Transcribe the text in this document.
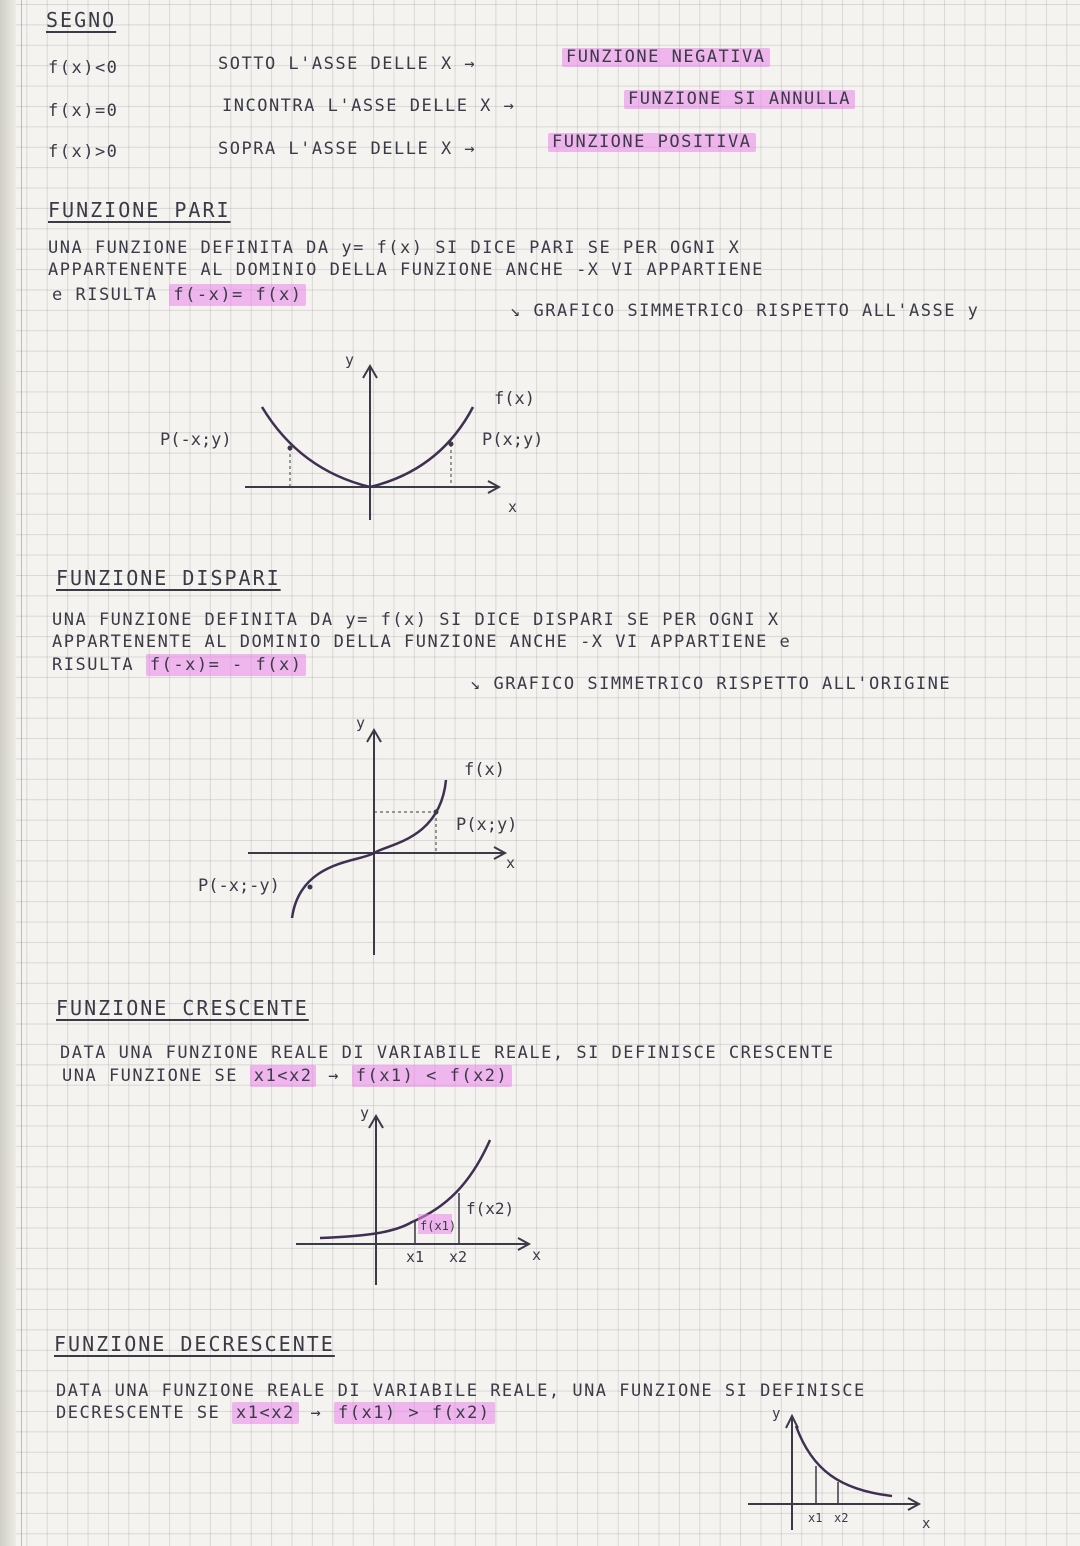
SEGNO
f(x)<0	SOTTO L'ASSE DELLE X →	FUNZIONE NEGATIVA
f(x)=0	INCONTRA L'ASSE DELLE X →	FUNZIONE SI ANNULLA
f(x)>0	SOPRA L'ASSE DELLE X →	FUNZIONE POSITIVA
FUNZIONE PARI
UNA FUNZIONE DEFINITA DA y= f(x) SI DICE PARI SE PER OGNI X
APPARTENENTE AL DOMINIO DELLA FUNZIONE ANCHE -X VI APPARTIENE
e RISULTA f(-x)= f(x)
↘ GRAFICO SIMMETRICO RISPETTO ALL'ASSE y
y
x
f(x)
P(-x;y)	P(x;y)
FUNZIONE DISPARI
UNA FUNZIONE DEFINITA DA y= f(x) SI DICE DISPARI SE PER OGNI X
APPARTENENTE AL DOMINIO DELLA FUNZIONE ANCHE -X VI APPARTIENE e
RISULTA f(-x)= - f(x)
↘ GRAFICO SIMMETRICO RISPETTO ALL'ORIGINE
y
x
f(x)
P(x;y)
P(-x;-y)
FUNZIONE CRESCENTE
DATA UNA FUNZIONE REALE DI VARIABILE REALE, SI DEFINISCE CRESCENTE
UNA FUNZIONE SE x1<x2 → f(x1) < f(x2)
f(x1)
f(x2)
x1 x2
y
x
FUNZIONE DECRESCENTE
DATA UNA FUNZIONE REALE DI VARIABILE REALE, UNA FUNZIONE SI DEFINISCE
DECRESCENTE SE x1<x2 → f(x1) > f(x2)
x1 x2
y
x
